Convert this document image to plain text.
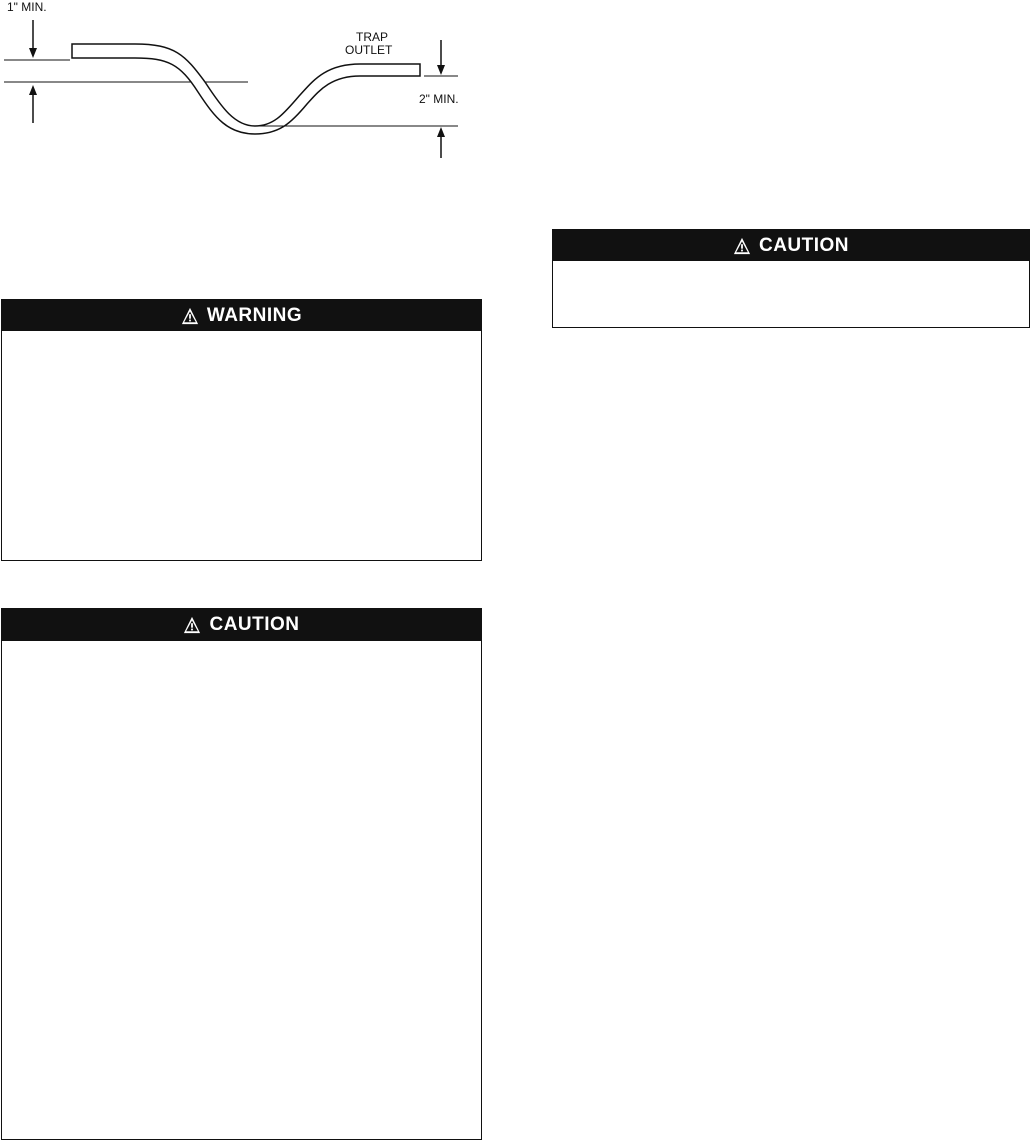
1" MIN.
TRAP
OUTLET
2" MIN.
WARNING
CAUTION
CAUTION
